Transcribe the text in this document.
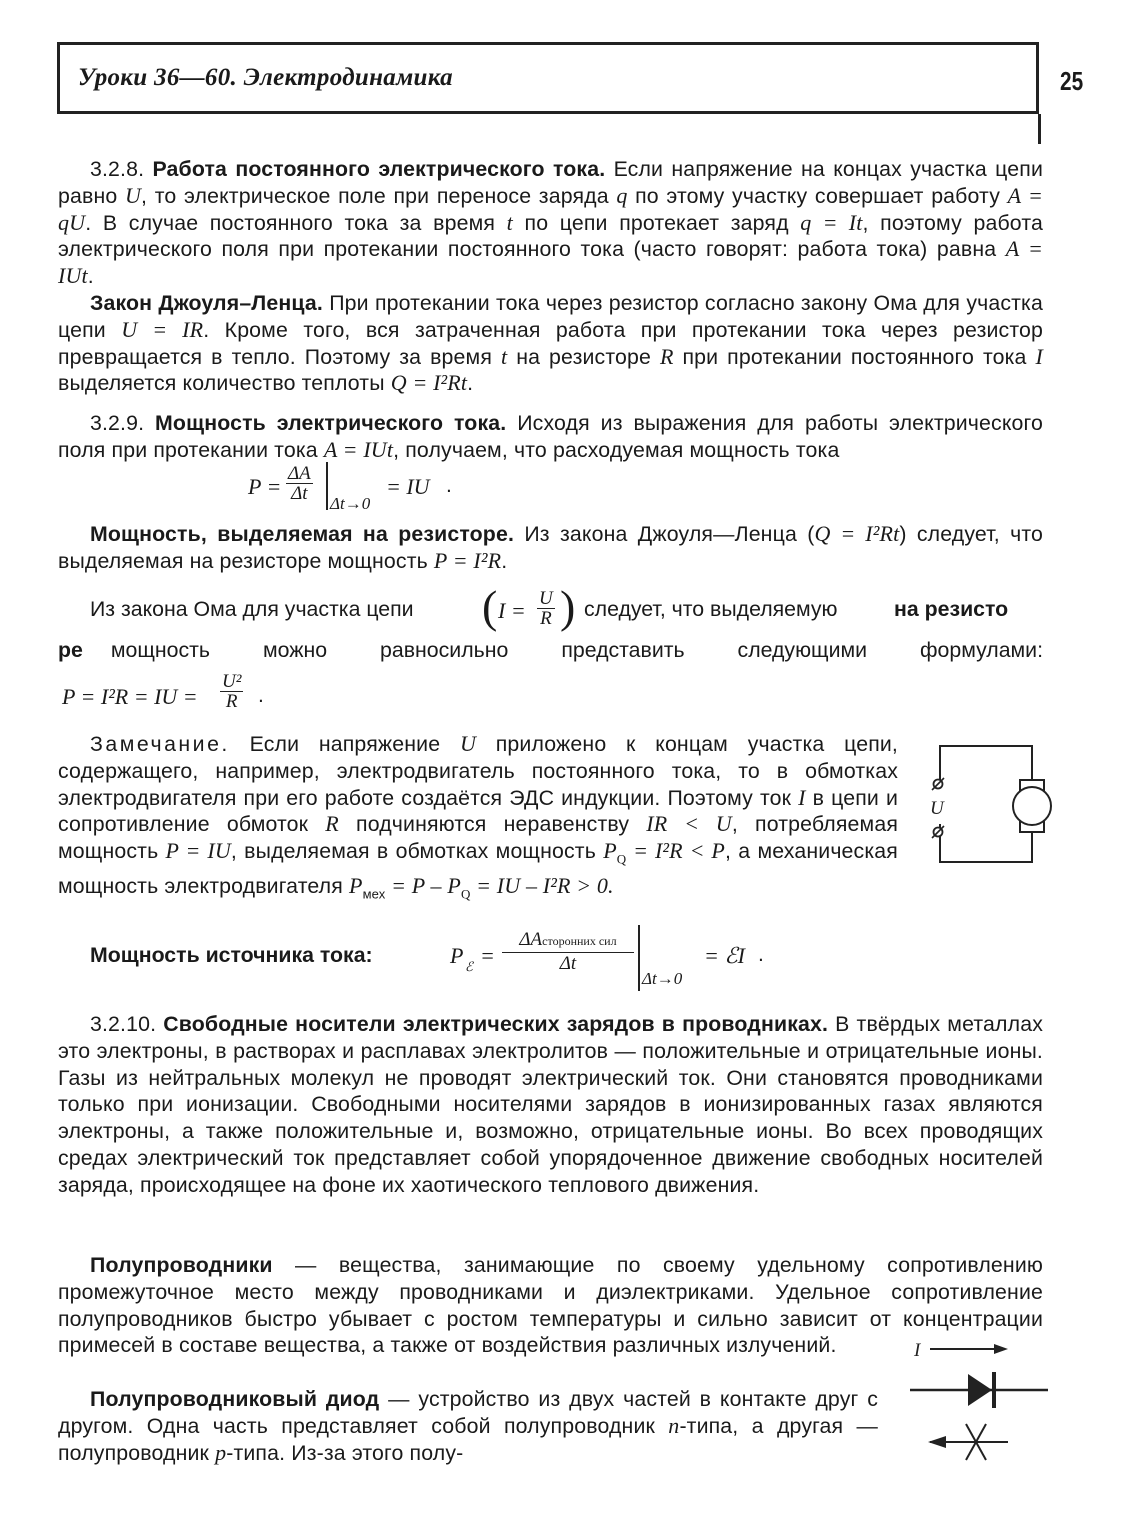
Уроки 36—60. Электродинамика	25
3.2.8. Работа постоянного электрического тока. Если напряжение на концах участка цепи равно U, то электрическое поле при переносе заряда q по этому участку совершает работу A = qU. В случае постоянного тока за время t по цепи протекает заряд q = It, поэтому работа электрического поля при протекании постоянного тока (часто говорят: работа тока) равна A = IUt.
Закон Джоуля–Ленца. При протекании тока через резистор согласно закону Ома для участка цепи U = IR. Кроме того, вся затраченная работа при протекании тока через резистор превращается в тепло. Поэтому за время t на резисторе R при протекании постоянного тока I выделяется количество теплоты Q = I²Rt.
3.2.9. Мощность электрического тока. Исходя из выражения для работы электрического поля при протекании тока A = IUt, получаем, что расходуемая мощность тока
$P = \frac{\Delta A}{\Delta t}$
Δt→0
= IU .
Мощность, выделяемая на резисторе. Из закона Джоуля—Ленца (Q = I²Rt) следует, что выделяемая на резисторе мощность P = I²R.
Из закона Ома для участка цепи ( $I = \frac{U}{R}$ ) следует, что выделяемую	на резисто
ре мощность можно равносильно представить следующими формулами:
P = I²R = IU = $\frac{\text{U²}}{R}$ .
Замечание. Если напряжение U приложено к концам участка цепи, содержащего, например, электродвигатель постоянного тока, то в обмотках электродвигателя при его работе создаётся ЭДС индукции. Поэтому ток I в цепи и сопротивление обмоток R подчиняются неравенству IR < U, потребляемая мощность P = IU, выделяемая в обмотках мощность $P_Q = I^2R < P$, а механическая мощность электродвигателя $P_{мех} = P - P_Q$ = IU – I²R > 0.
U
Мощность источника тока:	P ℰ =
ΔAсторонних сил
Δt
Δt→0
= ℰI .
3.2.10. Свободные носители электрических зарядов в проводниках. В твёрдых металлах это электроны, в растворах и расплавах электролитов — положительные и отрицательные ионы. Газы из нейтральных молекул не проводят электрический ток. Они становятся проводниками только при ионизации. Свободными носителями зарядов в ионизированных газах являются электроны, а также положительные и, возможно, отрицательные ионы. Во всех проводящих средах электрический ток представляет собой упорядоченное движение свободных носителей заряда, происходящее на фоне их хаотического теплового движения.
Полупроводники — вещества, занимающие по своему удельному сопротивлению промежуточное место между проводниками и диэлектриками. Удельное сопротивление полупроводников быстро убывает с ростом температуры и сильно зависит от концентрации примесей в составе вещества, а также от воздействия различных излучений.
Полупроводниковый диод — устройство из двух частей в контакте друг с другом. Одна часть представляет собой полупроводник n-типа, а другая — полупроводник p-типа. Из-за этого полу-
I
